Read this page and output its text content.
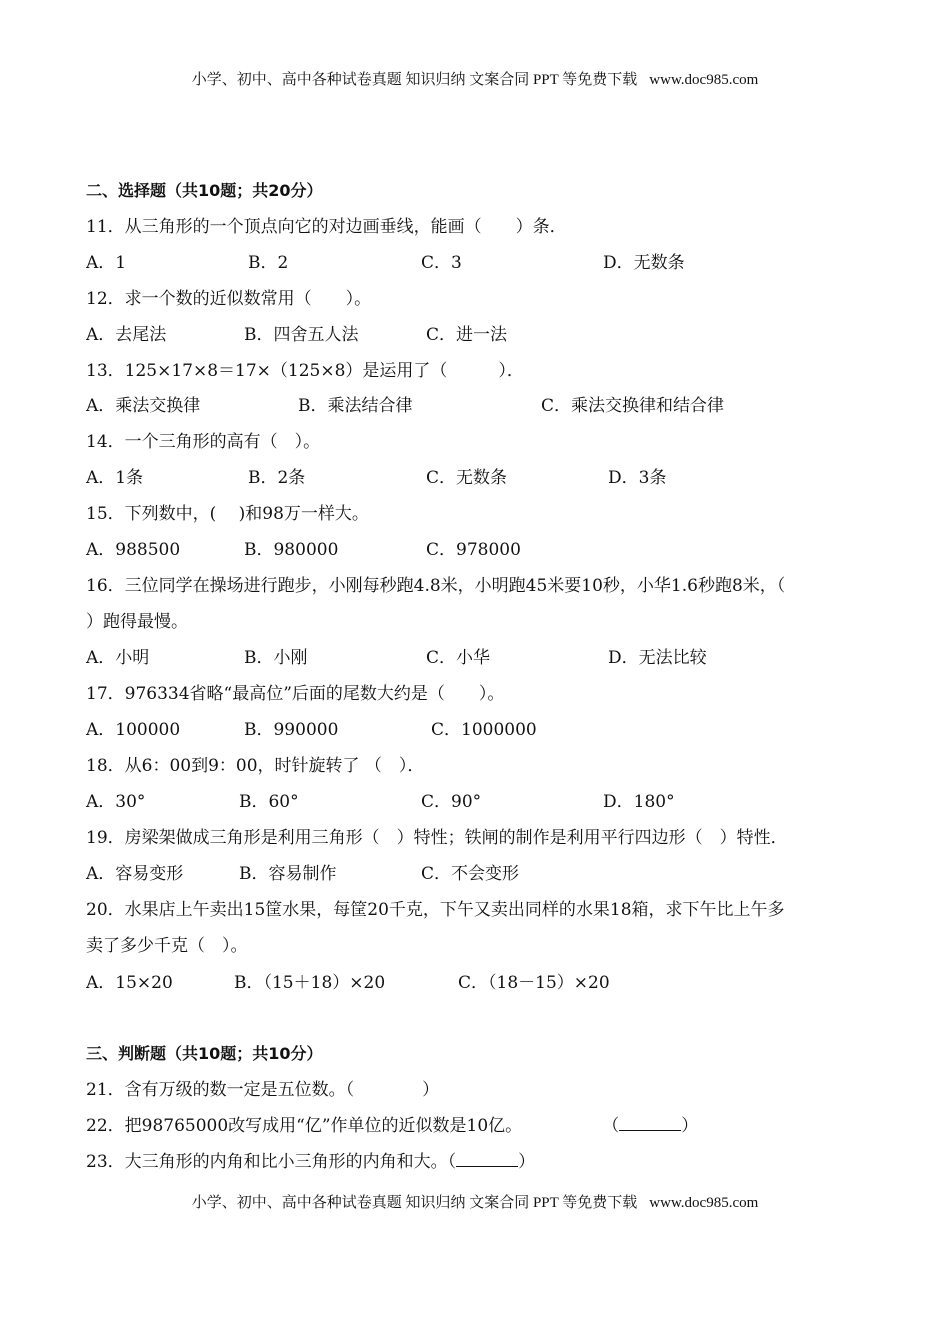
小学、初中、高中各种试卷真题 知识归纳 文案合同 PPT 等免费下载 www.doc985.com
二、选择题（共10题；共20分）
11．从三角形的一个顶点向它的对边画垂线，能画（　　）条．
A．1	B．2	C．3	D．无数条
12．求一个数的近似数常用（　　）。
A．去尾法	B．四舍五人法	C．进一法
13．125×17×8＝17×（125×8）是运用了（　　　）．
A．乘法交换律	B．乘法结合律	C．乘法交换律和结合律
14．一个三角形的高有（　）。
A．1条	B．2条	C．无数条	D．3条
15．下列数中，(　 )和98万一样大。
A．988500	B．980000	C．978000
16．三位同学在操场进行跑步，小刚每秒跑4.8米，小明跑45米要10秒，小华1.6秒跑8米，（
）跑得最慢。
A．小明	B．小刚	C．小华	D．无法比较
17．976334省略“最高位”后面的尾数大约是（　　）。
A．100000	B．990000	C．1000000
18．从6：00到9：00，时针旋转了 （　）．
A．30°	B．60°	C．90°	D．180°
19．房梁架做成三角形是利用三角形（　）特性；铁闸的制作是利用平行四边形（　）特性．
A．容易变形	B．容易制作	C．不会变形
20．水果店上午卖出15筐水果，每筐20千克，下午又卖出同样的水果18箱，求下午比上午多
卖了多少千克（　）。
A．15×20	B．（15＋18）×20	C．（18－15）×20
三、判断题（共10题；共10分）
21．含有万级的数一定是五位数。（　　　　）
22．把98765000改写成用“亿”作单位的近似数是10亿。	（	）
23．大三角形的内角和比小三角形的内角和大。（	）
小学、初中、高中各种试卷真题 知识归纳 文案合同 PPT 等免费下载 www.doc985.com
